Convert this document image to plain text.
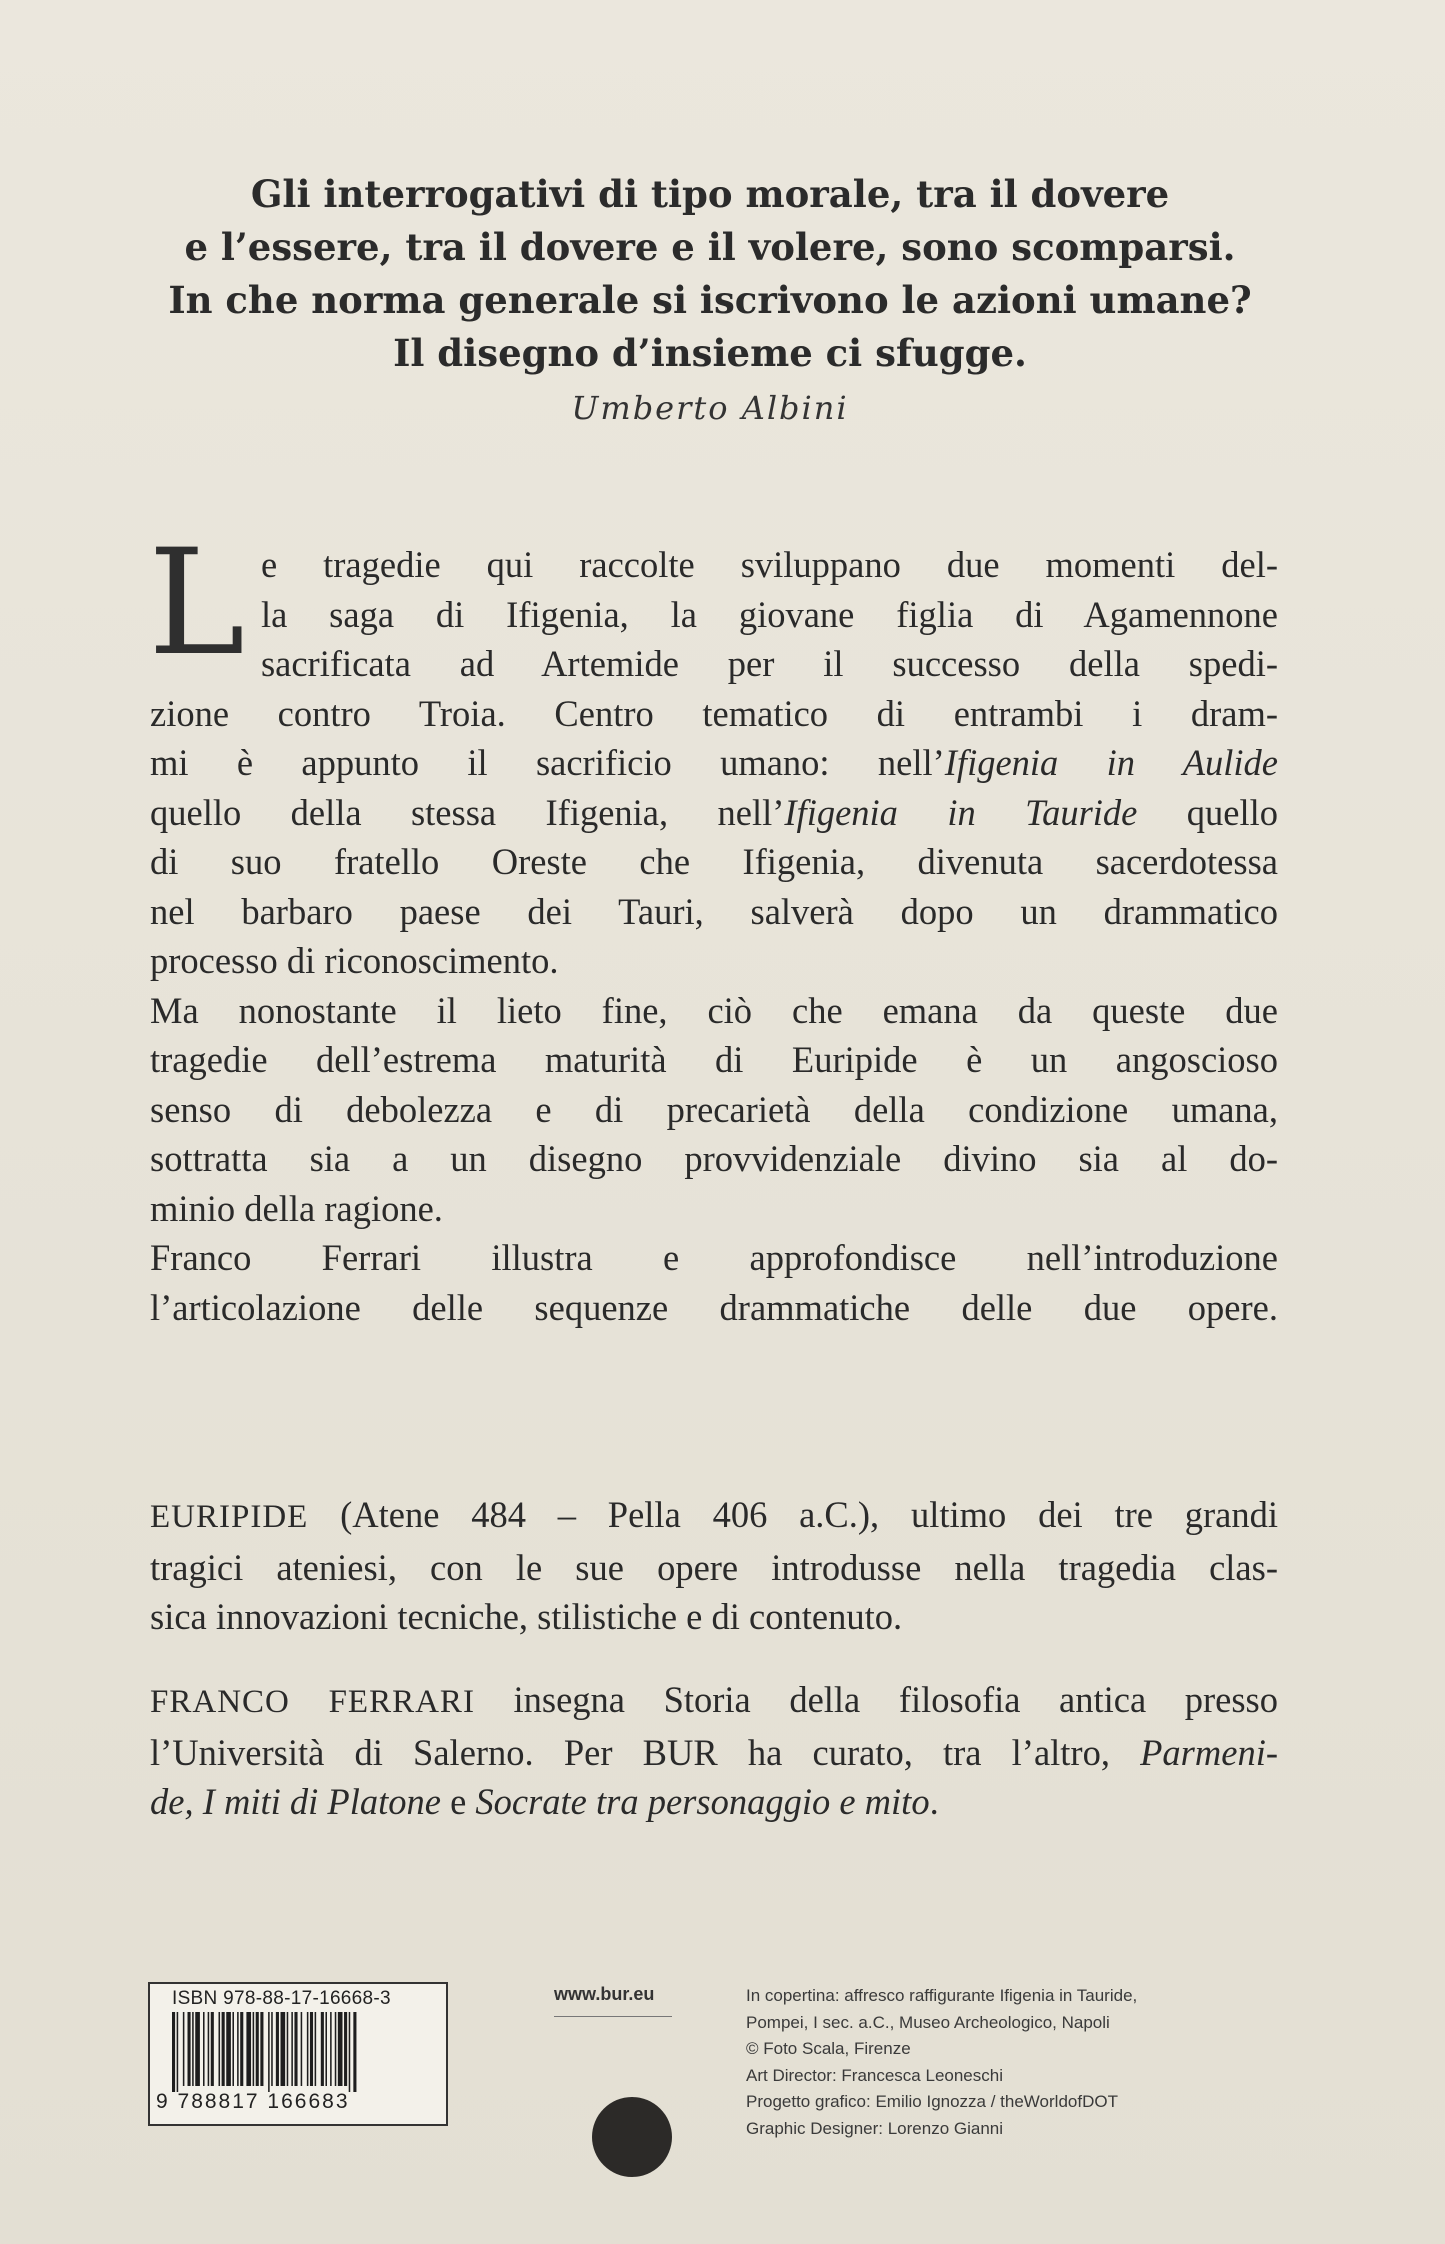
Gli interrogativi di tipo morale, tra il dovere
e l’essere, tra il dovere e il volere, sono scomparsi.
In che norma generale si iscrivono le azioni umane?
Il disegno d’insieme ci sfugge.
Umberto Albini

L e tragedie qui raccolte sviluppano due momenti del-
la saga di Ifigenia, la giovane figlia di Agamennone
sacrificata ad Artemide per il successo della spedi-
zione contro Troia. Centro tematico di entrambi i dram-
mi è appunto il sacrificio umano: nell’Ifigenia in Aulide
quello della stessa Ifigenia, nell’Ifigenia in Tauride quello
di suo fratello Oreste che Ifigenia, divenuta sacerdotessa
nel barbaro paese dei Tauri, salverà dopo un drammatico
processo di riconoscimento.

Ma nonostante il lieto fine, ciò che emana da queste due
tragedie dell’estrema maturità di Euripide è un angoscioso
senso di debolezza e di precarietà della condizione umana,
sottratta sia a un disegno provvidenziale divino sia al do-
minio della ragione.

Franco Ferrari illustra e approfondisce nell’introduzione
l’articolazione delle sequenze drammatiche delle due opere.

EURIPIDE (Atene 484 – Pella 406 a.C.), ultimo dei tre grandi
tragici ateniesi, con le sue opere introdusse nella tragedia clas-
sica innovazioni tecniche, stilistiche e di contenuto.

FRANCO FERRARI insegna Storia della filosofia antica presso
l’Università di Salerno. Per BUR ha curato, tra l’altro, Parmeni-
de, I miti di Platone e Socrate tra personaggio e mito.

ISBN 978-88-17-16668-3
9 788817 166683
www.bur.eu	In copertina: affresco raffigurante Ifigenia in Tauride,
Pompei, I sec. a.C., Museo Archeologico, Napoli
© Foto Scala, Firenze
Art Director: Francesca Leoneschi
Progetto grafico: Emilio Ignozza / theWorldofDOT
Graphic Designer: Lorenzo Gianni
